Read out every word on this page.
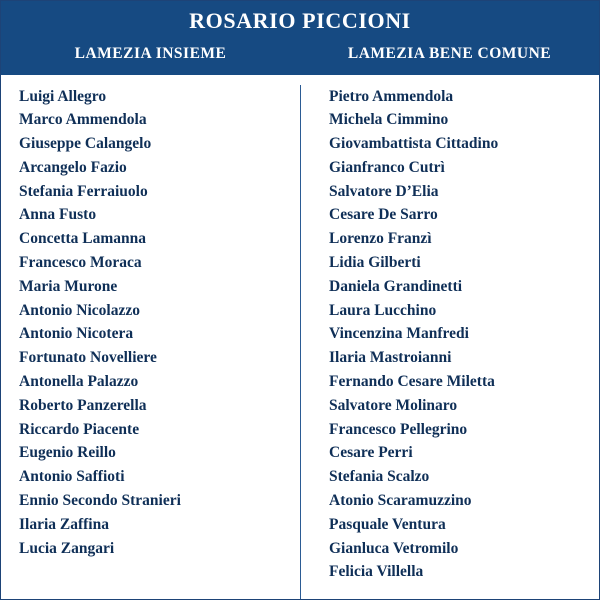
ROSARIO PICCIONI
LAMEZIA INSIEME	LAMEZIA BENE COMUNE
Luigi Allegro
Marco Ammendola
Giuseppe Calangelo
Arcangelo Fazio
Stefania Ferraiuolo
Anna Fusto
Concetta Lamanna
Francesco Moraca
Maria Murone
Antonio Nicolazzo
Antonio Nicotera
Fortunato Novelliere
Antonella Palazzo
Roberto Panzerella
Riccardo Piacente
Eugenio Reillo
Antonio Saffioti
Ennio Secondo Stranieri
Ilaria Zaffina
Lucia Zangari
Pietro Ammendola
Michela Cimmino
Giovambattista Cittadino
Gianfranco Cutrì
Salvatore D’Elia
Cesare De Sarro
Lorenzo Franzì
Lidia Gilberti
Daniela Grandinetti
Laura Lucchino
Vincenzina Manfredi
Ilaria Mastroianni
Fernando Cesare Miletta
Salvatore Molinaro
Francesco Pellegrino
Cesare Perri
Stefania Scalzo
Atonio Scaramuzzino
Pasquale Ventura
Gianluca Vetromilo
Felicia Villella
